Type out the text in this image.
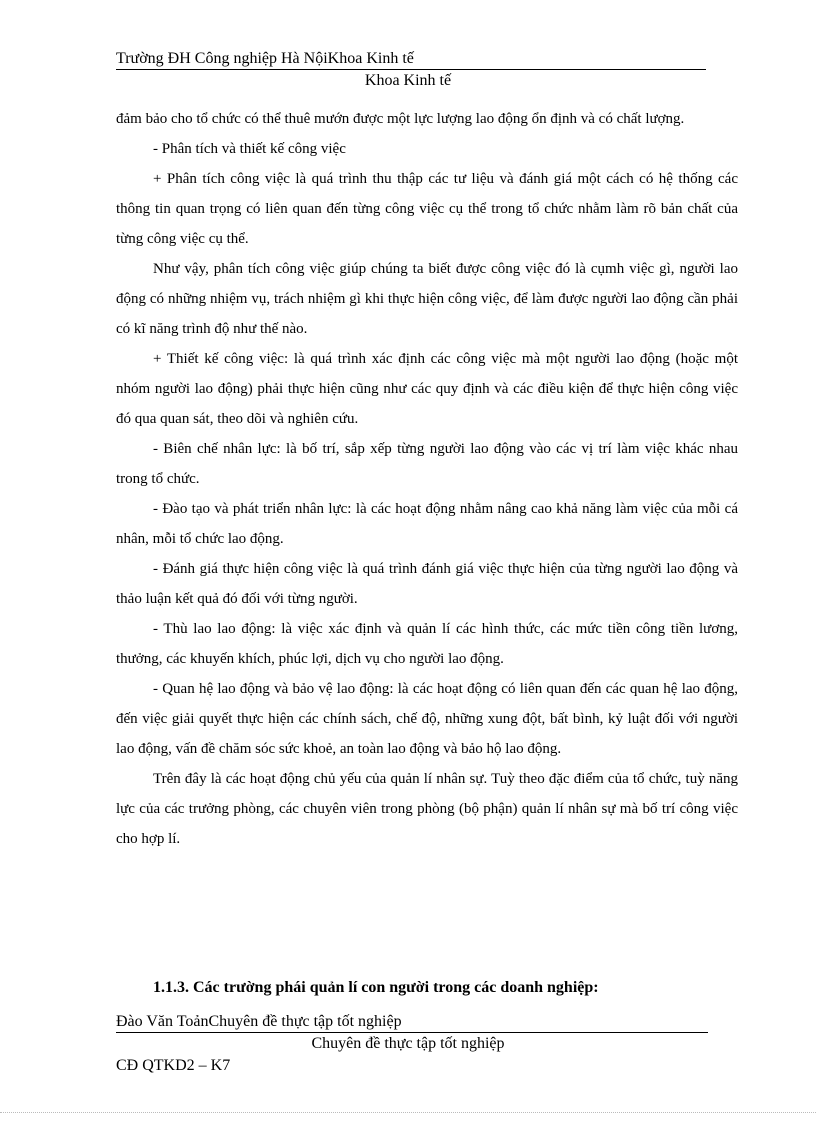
Trường ĐH Công nghiệp Hà NộiKhoa Kinh tế
Khoa Kinh tế

đảm bảo cho tổ chức có thể thuê mướn được một lực lượng lao động ổn định và có chất lượng.

- Phân tích và thiết kế công việc

+ Phân tích công việc là quá trình thu thập các tư liệu và đánh giá một cách có hệ thống các thông tin quan trọng có liên quan đến từng công việc cụ thể trong tổ chức nhằm làm rõ bản chất của từng công việc cụ thể.

Như vậy, phân tích công việc giúp chúng ta biết được công việc đó là cụmh việc gì, người lao động có những nhiệm vụ, trách nhiệm gì khi thực hiện công việc, để làm được người lao động cần phải có kĩ năng trình độ như thế nào.

+ Thiết kế công việc: là quá trình xác định các công việc mà một người lao động (hoặc một nhóm người lao động) phải thực hiện cũng như các quy định và các điều kiện để thực hiện công việc đó qua quan sát, theo dõi và nghiên cứu.

- Biên chế nhân lực: là bố trí, sắp xếp từng người lao động vào các vị trí làm việc khác nhau trong tổ chức.

- Đào tạo và phát triển nhân lực: là các hoạt động nhằm nâng cao khả năng làm việc của mỗi cá nhân, mỗi tổ chức lao động.

- Đánh giá thực hiện công việc là quá trình đánh giá việc thực hiện của từng người lao động và thảo luận kết quả đó đối với từng người.

- Thù lao lao động: là việc xác định và quản lí các hình thức, các mức tiền công tiền lương, thưởng, các khuyến khích, phúc lợi, dịch vụ cho người lao động.

- Quan hệ lao động và bảo vệ lao động: là các hoạt động có liên quan đến các quan hệ lao động, đến việc giải quyết thực hiện các chính sách, chế độ, những xung đột, bất bình, kỷ luật đối với người lao động, vấn đề chăm sóc sức khoẻ, an toàn lao động và bảo hộ lao động.

Trên đây là các hoạt động chủ yếu của quản lí nhân sự. Tuỳ theo đặc điểm của tổ chức, tuỳ năng lực của các trưởng phòng, các chuyên viên trong phòng (bộ phận) quản lí nhân sự mà bố trí công việc cho hợp lí.

1.1.3. Các trường phái quản lí con người trong các doanh nghiệp:
Đào Văn ToảnChuyên đề thực tập tốt nghiệp
Chuyên đề thực tập tốt nghiệp
CĐ QTKD2 – K7
